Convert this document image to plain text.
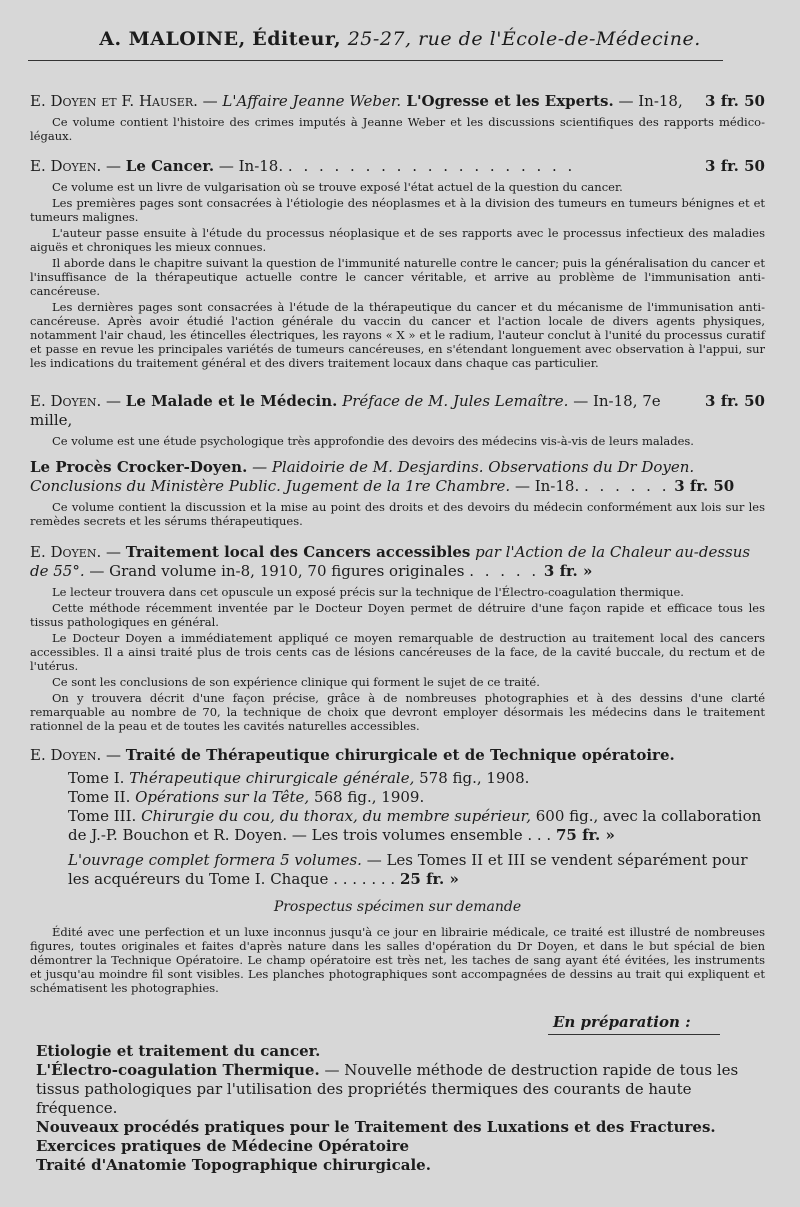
A. MALOINE, Éditeur, 25-27, rue de l'École-de-Médecine.
3 fr. 50
E. Doyen et F. Hauser. — L'Affaire Jeanne Weber. L'Ogresse et les Experts. — In-18,

Ce volume contient l'histoire des crimes imputés à Jeanne Weber et les discussions scientifiques des rapports médico-légaux.

3 fr. 50
E. Doyen. — Le Cancer. — In-18. . . . . . . . . . . . . . . . . . . .

Ce volume est un livre de vulgarisation où se trouve exposé l'état actuel de la question du cancer.

Les premières pages sont consacrées à l'étiologie des néoplasmes et à la division des tumeurs en tumeurs bénignes et et tumeurs malignes.

L'auteur passe ensuite à l'étude du processus néoplasique et de ses rapports avec le processus infectieux des maladies aiguës et chroniques les mieux connues.

Il aborde dans le chapitre suivant la question de l'immunité naturelle contre le cancer; puis la généralisation du cancer et l'insuffisance de la thérapeutique actuelle contre le cancer véritable, et arrive au problème de l'immunisation anti-cancéreuse.

Les dernières pages sont consacrées à l'étude de la thérapeutique du cancer et du mécanisme de l'immunisation anti-cancéreuse. Après avoir étudié l'action générale du vaccin du cancer et l'action locale de divers agents physiques, notamment l'air chaud, les étincelles électriques, les rayons « X » et le radium, l'auteur conclut à l'unité du processus curatif et passe en revue les principales variétés de tumeurs cancéreuses, en s'étendant longuement avec observation à l'appui, sur les indications du traitement général et des divers traitement locaux dans chaque cas particulier.

3 fr. 50
E. Doyen. — Le Malade et le Médecin. Préface de M. Jules Lemaître. — In-18, 7e mille,

Ce volume est une étude psychologique très approfondie des devoirs des médecins vis-à-vis de leurs malades.

Le Procès Crocker-Doyen. — Plaidoirie de M. Desjardins. Observations du Dr Doyen. Conclusions du Ministère Public. Jugement de la 1re Chambre. — In-18. . . . . . . 3 fr. 50

Ce volume contient la discussion et la mise au point des droits et des devoirs du médecin conformément aux lois sur les remèdes secrets et les sérums thérapeutiques.

E. Doyen. — Traitement local des Cancers accessibles par l'Action de la Chaleur au-dessus de 55°. — Grand volume in-8, 1910, 70 figures originales . . . . . 3 fr. »

Le lecteur trouvera dans cet opuscule un exposé précis sur la technique de l'Électro-coagulation thermique.

Cette méthode récemment inventée par le Docteur Doyen permet de détruire d'une façon rapide et efficace tous les tissus pathologiques en général.

Le Docteur Doyen a immédiatement appliqué ce moyen remarquable de destruction au traitement local des cancers accessibles. Il a ainsi traité plus de trois cents cas de lésions cancéreuses de la face, de la cavité buccale, du rectum et de l'utérus.

Ce sont les conclusions de son expérience clinique qui forment le sujet de ce traité.

On y trouvera décrit d'une façon précise, grâce à de nombreuses photographies et à des dessins d'une clarté remarquable au nombre de 70, la technique de choix que devront employer désormais les médecins dans le traitement rationnel de la peau et de toutes les cavités naturelles accessibles.

E. Doyen. — Traité de Thérapeutique chirurgicale et de Technique opératoire.
Tome I. Thérapeutique chirurgicale générale, 578 fig., 1908.
Tome II. Opérations sur la Tête, 568 fig., 1909.
Tome III. Chirurgie du cou, du thorax, du membre supérieur, 600 fig., avec la collaboration de J.-P. Bouchon et R. Doyen. — Les trois volumes ensemble . . . 75 fr. »
L'ouvrage complet formera 5 volumes. — Les Tomes II et III se vendent séparément pour les acquéreurs du Tome I. Chaque . . . . . . . 25 fr. »
Prospectus spécimen sur demande

Édité avec une perfection et un luxe inconnus jusqu'à ce jour en librairie médicale, ce traité est illustré de nombreuses figures, toutes originales et faites d'après nature dans les salles d'opération du Dr Doyen, et dans le but spécial de bien démontrer la Technique Opératoire. Le champ opératoire est très net, les taches de sang ayant été évitées, les instruments et jusqu'au moindre fil sont visibles. Les planches photographiques sont accompagnées de dessins au trait qui expliquent et schématisent les photographies.

En préparation :
Etiologie et traitement du cancer.
L'Électro-coagulation Thermique. — Nouvelle méthode de destruction rapide de tous les tissus pathologiques par l'utilisation des propriétés thermiques des courants de haute fréquence.
Nouveaux procédés pratiques pour le Traitement des Luxations et des Fractures.
Exercices pratiques de Médecine Opératoire
Traité d'Anatomie Topographique chirurgicale.
